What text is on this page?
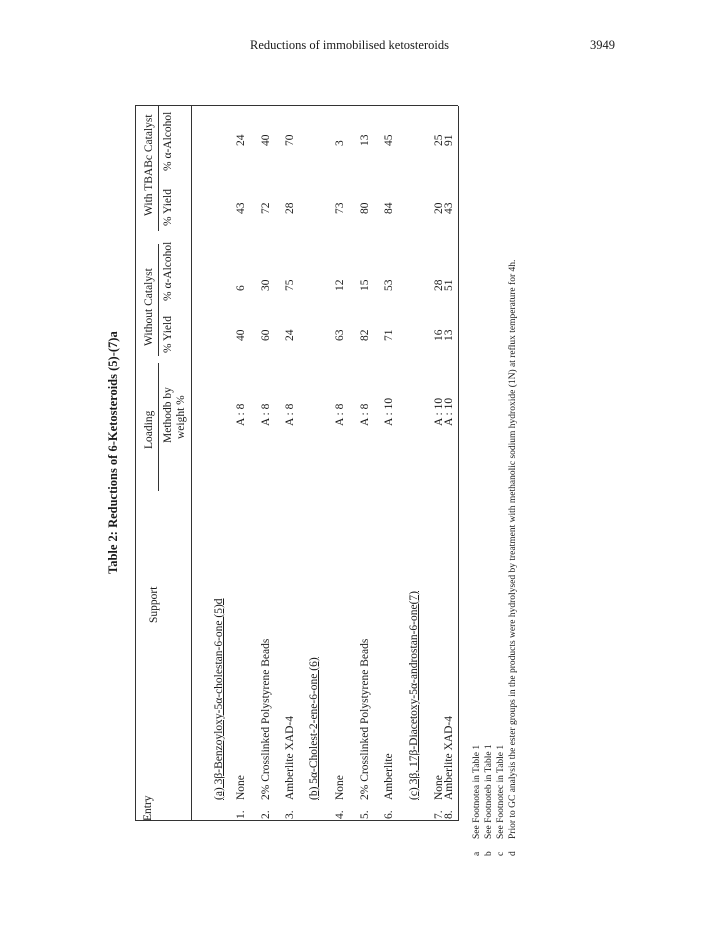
Reductions of immobilised ketosteroids	3949
Table 2: Reductions of 6-Ketosteroids (5)-(7)a
Entry
Support
Loading Methodb by weight %
Without Catalyst % Yield
% α-Alcohol
With TBABc Catalyst % Yield
% α-Alcohol
(a) 3β-Benzoyloxy-5α-cholestan-6-one (5)d
1.
None
A : 8
40
6
43
24
2.
2% Crosslinked Polystyrene Beads
A : 8
60
30
72
40
3.
Amberlite XAD-4
A : 8
24
75
28
70
(b) 5α-Cholest-2-ene-6-one (6)
4.
None
A : 8
63
12
73
3
5.
2% Crosslinked Polystyrene Beads
A : 8
82
15
80
13
6.
Amberlite
A : 10
71
53
84
45
(c) 3β, 17β-Diacetoxy-5α-androstan-6-one(7)
7.
None
A : 10
16
28
20
25
8.
Amberlite XAD-4
A : 10
13
51
43
91
a
See Footnotea in Table 1
b
See Footnoteb in Table 1
c
See Footnotec in Table 1
d
Prior to GC analysis the ester groups in the products were hydrolysed by treatment with methanolic sodium hydroxide (1N) at reflux temperature for 4h.
